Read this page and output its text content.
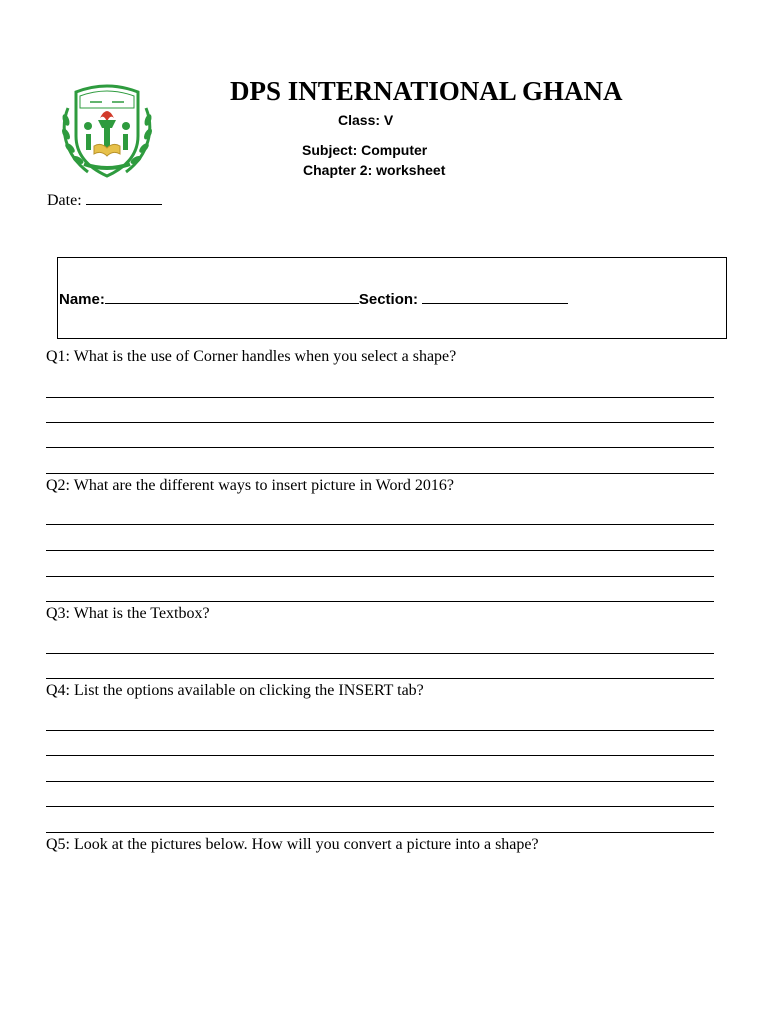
DPS INTERNATIONAL GHANA
Class: V
Subject: Computer
Chapter 2: worksheet
Date:
Name:	Section:
Q1: What is the use of Corner handles when you select a shape?
Q2: What are the different ways to insert picture in Word 2016?
Q3: What is the Textbox?
Q4: List the options available on clicking the INSERT tab?
Q5: Look at the pictures below. How will you convert a picture into a shape?
